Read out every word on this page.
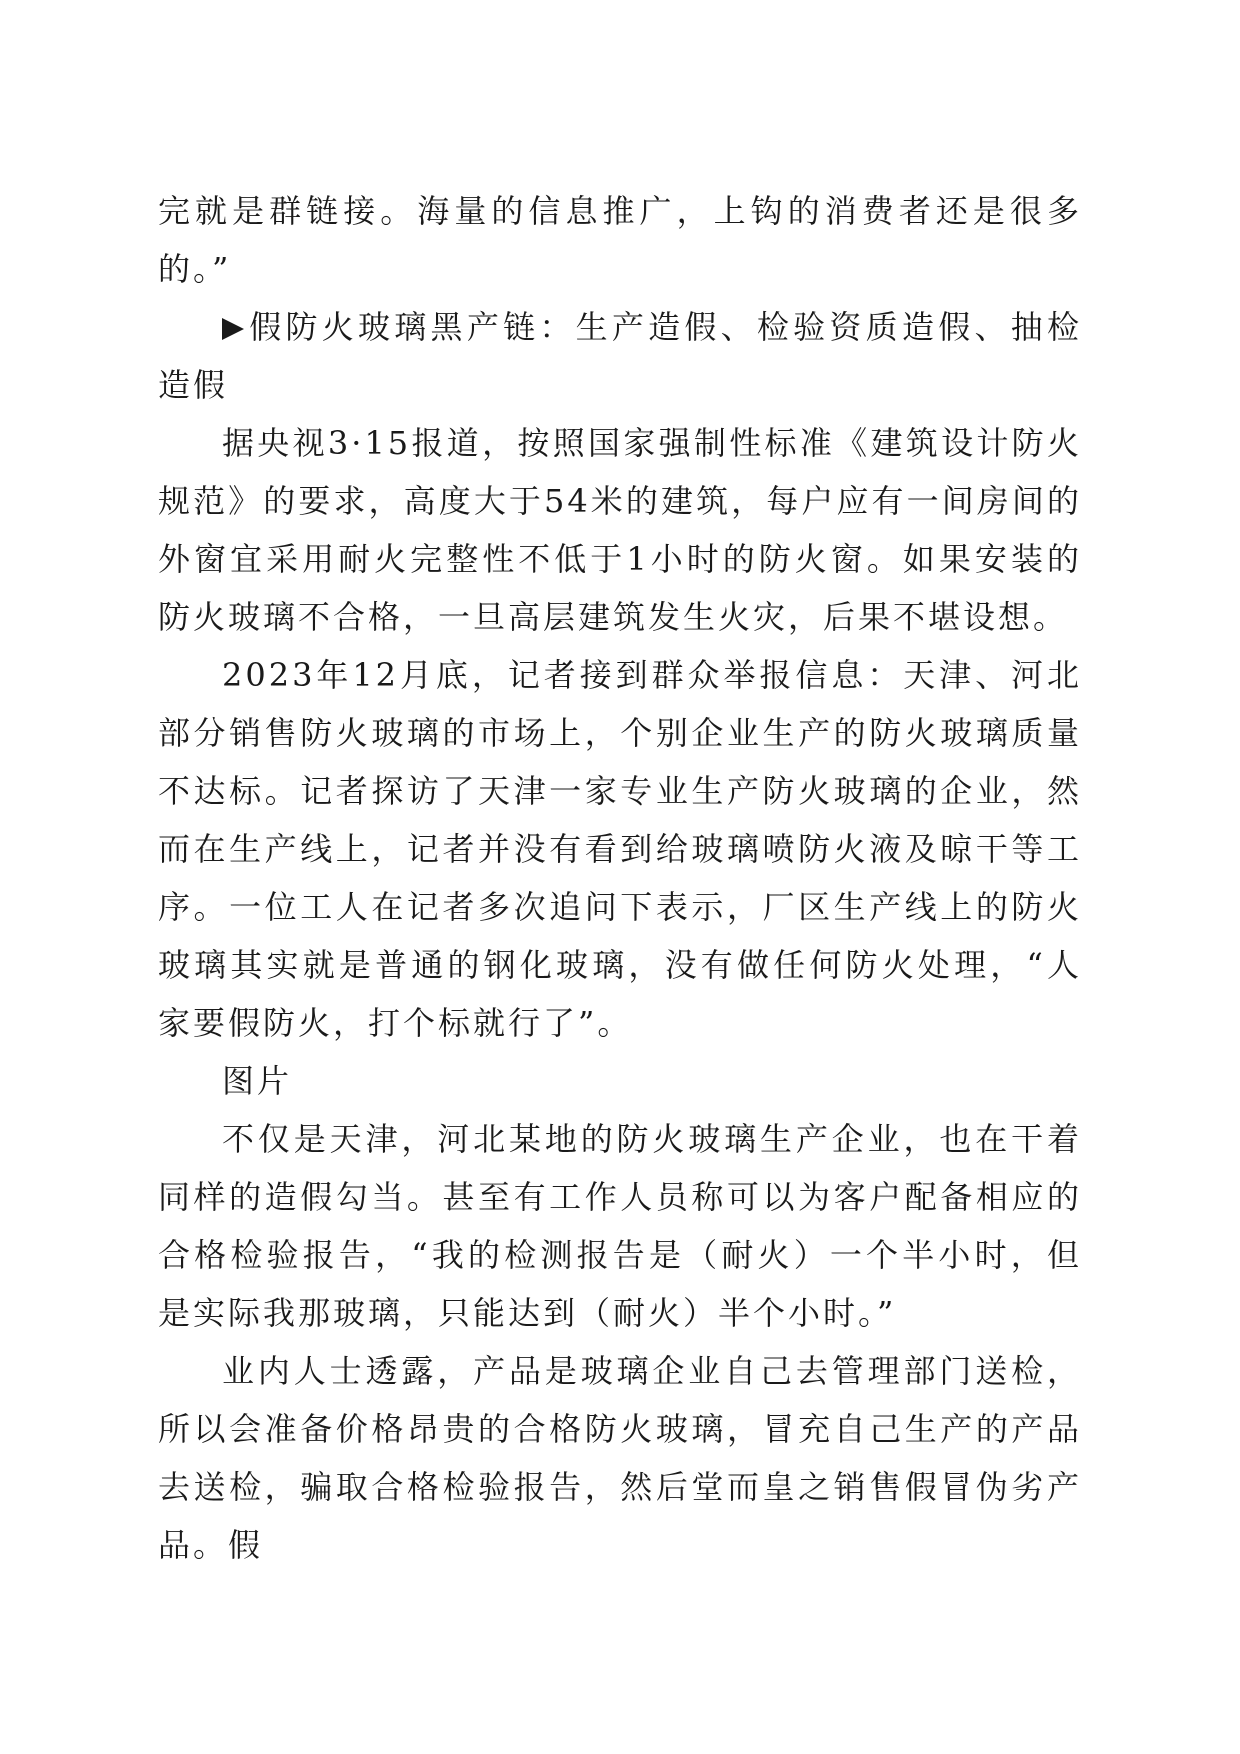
完就是群链接。海量的信息推广，上钩的消费者还是很多的。”

假防火玻璃黑产链：生产造假、检验资质造假、抽检造假

据央视3·15报道，按照国家强制性标准《建筑设计防火规范》的要求，高度大于54米的建筑，每户应有一间房间的外窗宜采用耐火完整性不低于1小时的防火窗。如果安装的防火玻璃不合格，一旦高层建筑发生火灾，后果不堪设想。

2023年12月底，记者接到群众举报信息：天津、河北部分销售防火玻璃的市场上，个别企业生产的防火玻璃质量不达标。记者探访了天津一家专业生产防火玻璃的企业，然而在生产线上，记者并没有看到给玻璃喷防火液及晾干等工序。一位工人在记者多次追问下表示，厂区生产线上的防火玻璃其实就是普通的钢化玻璃，没有做任何防火处理，“人家要假防火，打个标就行了”。

图片

不仅是天津，河北某地的防火玻璃生产企业，也在干着同样的造假勾当。甚至有工作人员称可以为客户配备相应的合格检验报告，“我的检测报告是（耐火）一个半小时，但是实际我那玻璃，只能达到（耐火）半个小时。”

业内人士透露，产品是玻璃企业自己去管理部门送检，所以会准备价格昂贵的合格防火玻璃，冒充自己生产的产品去送检，骗取合格检验报告，然后堂而皇之销售假冒伪劣产品。假
